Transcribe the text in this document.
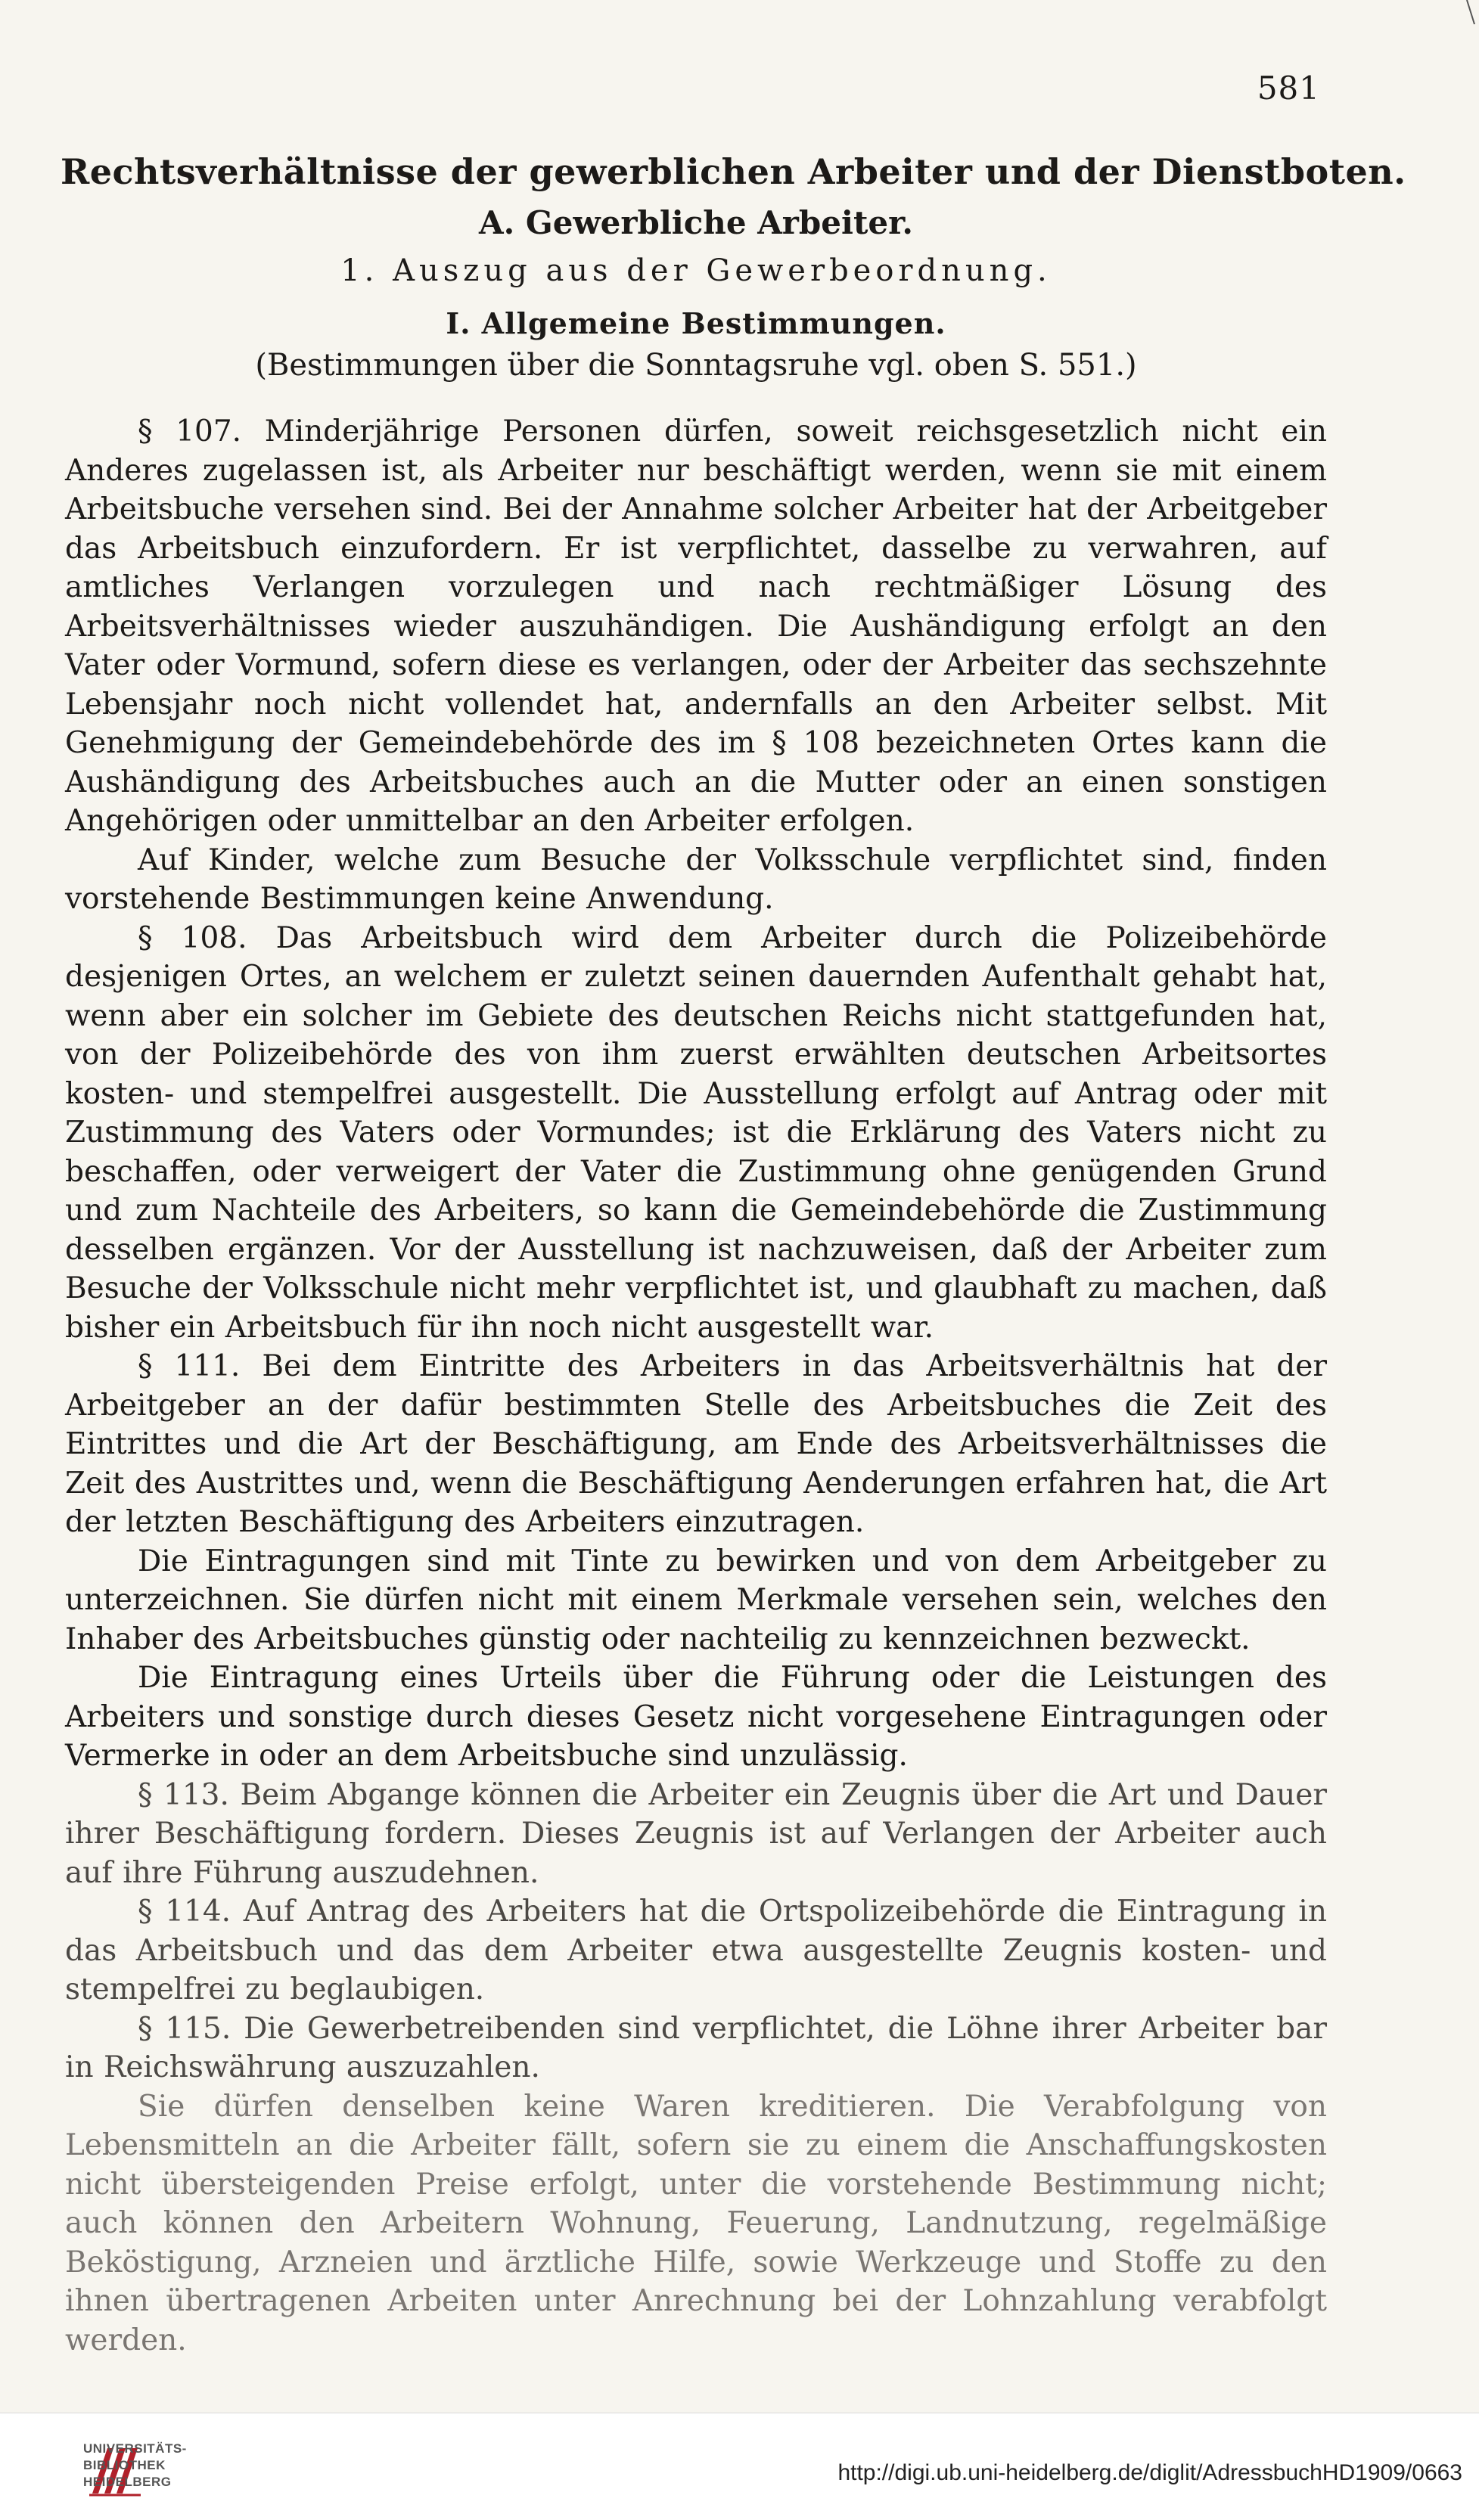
581
Rechtsverhältnisse der gewerblichen Arbeiter und der Dienstboten.
A. Gewerbliche Arbeiter.
1. Auszug aus der Gewerbeordnung.
I. Allgemeine Bestimmungen.
(Bestimmungen über die Sonntagsruhe vgl. oben S. 551.)

§ 107. Minderjährige Personen dürfen, soweit reichsgesetzlich nicht ein Anderes zugelassen ist, als Arbeiter nur beschäftigt werden, wenn sie mit einem Arbeitsbuche versehen sind. Bei der Annahme solcher Arbeiter hat der Arbeitgeber das Arbeitsbuch einzufordern. Er ist verpflichtet, dasselbe zu verwahren, auf amtliches Verlangen vorzulegen und nach rechtmäßiger Lösung des Arbeitsverhältnisses wieder auszuhändigen. Die Aushändigung erfolgt an den Vater oder Vormund, sofern diese es verlangen, oder der Arbeiter das sechszehnte Lebensjahr noch nicht vollendet hat, andernfalls an den Arbeiter selbst. Mit Genehmigung der Gemeindebehörde des im § 108 bezeichneten Ortes kann die Aushändigung des Arbeitsbuches auch an die Mutter oder an einen sonstigen Angehörigen oder unmittelbar an den Arbeiter erfolgen.

Auf Kinder, welche zum Besuche der Volksschule verpflichtet sind, finden vorstehende Bestimmungen keine Anwendung.

§ 108. Das Arbeitsbuch wird dem Arbeiter durch die Polizeibehörde desjenigen Ortes, an welchem er zuletzt seinen dauernden Aufenthalt gehabt hat, wenn aber ein solcher im Gebiete des deutschen Reichs nicht stattgefunden hat, von der Polizeibehörde des von ihm zuerst erwählten deutschen Arbeitsortes kosten- und stempelfrei ausgestellt. Die Ausstellung erfolgt auf Antrag oder mit Zustimmung des Vaters oder Vormundes; ist die Erklärung des Vaters nicht zu beschaffen, oder verweigert der Vater die Zustimmung ohne genügenden Grund und zum Nachteile des Arbeiters, so kann die Gemeindebehörde die Zustimmung desselben ergänzen. Vor der Ausstellung ist nachzuweisen, daß der Arbeiter zum Besuche der Volksschule nicht mehr verpflichtet ist, und glaubhaft zu machen, daß bisher ein Arbeitsbuch für ihn noch nicht ausgestellt war.

§ 111. Bei dem Eintritte des Arbeiters in das Arbeitsverhältnis hat der Arbeitgeber an der dafür bestimmten Stelle des Arbeitsbuches die Zeit des Eintrittes und die Art der Beschäftigung, am Ende des Arbeitsverhältnisses die Zeit des Austrittes und, wenn die Beschäftigung Aenderungen erfahren hat, die Art der letzten Beschäftigung des Arbeiters einzutragen.

Die Eintragungen sind mit Tinte zu bewirken und von dem Arbeitgeber zu unterzeichnen. Sie dürfen nicht mit einem Merkmale versehen sein, welches den Inhaber des Arbeitsbuches günstig oder nachteilig zu kennzeichnen bezweckt.

Die Eintragung eines Urteils über die Führung oder die Leistungen des Arbeiters und sonstige durch dieses Gesetz nicht vorgesehene Eintragungen oder Vermerke in oder an dem Arbeitsbuche sind unzulässig.

§ 113. Beim Abgange können die Arbeiter ein Zeugnis über die Art und Dauer ihrer Beschäftigung fordern. Dieses Zeugnis ist auf Verlangen der Arbeiter auch auf ihre Führung auszudehnen.

§ 114. Auf Antrag des Arbeiters hat die Ortspolizeibehörde die Eintragung in das Arbeitsbuch und das dem Arbeiter etwa ausgestellte Zeugnis kosten- und stempelfrei zu beglaubigen.

§ 115. Die Gewerbetreibenden sind verpflichtet, die Löhne ihrer Arbeiter bar in Reichswährung auszuzahlen.

Sie dürfen denselben keine Waren kreditieren. Die Verabfolgung von Lebensmitteln an die Arbeiter fällt, sofern sie zu einem die Anschaffungskosten nicht übersteigenden Preise erfolgt, unter die vorstehende Bestimmung nicht; auch können den Arbeitern Wohnung, Feuerung, Landnutzung, regelmäßige Beköstigung, Arzneien und ärztliche Hilfe, sowie Werkzeuge und Stoffe zu den ihnen übertragenen Arbeiten unter Anrechnung bei der Lohnzahlung verabfolgt werden.

UNIVERSITÄTS-
BIBLIOTHEK
HEIDELBERG	http://digi.ub.uni-heidelberg.de/diglit/AdressbuchHD1909/0663
